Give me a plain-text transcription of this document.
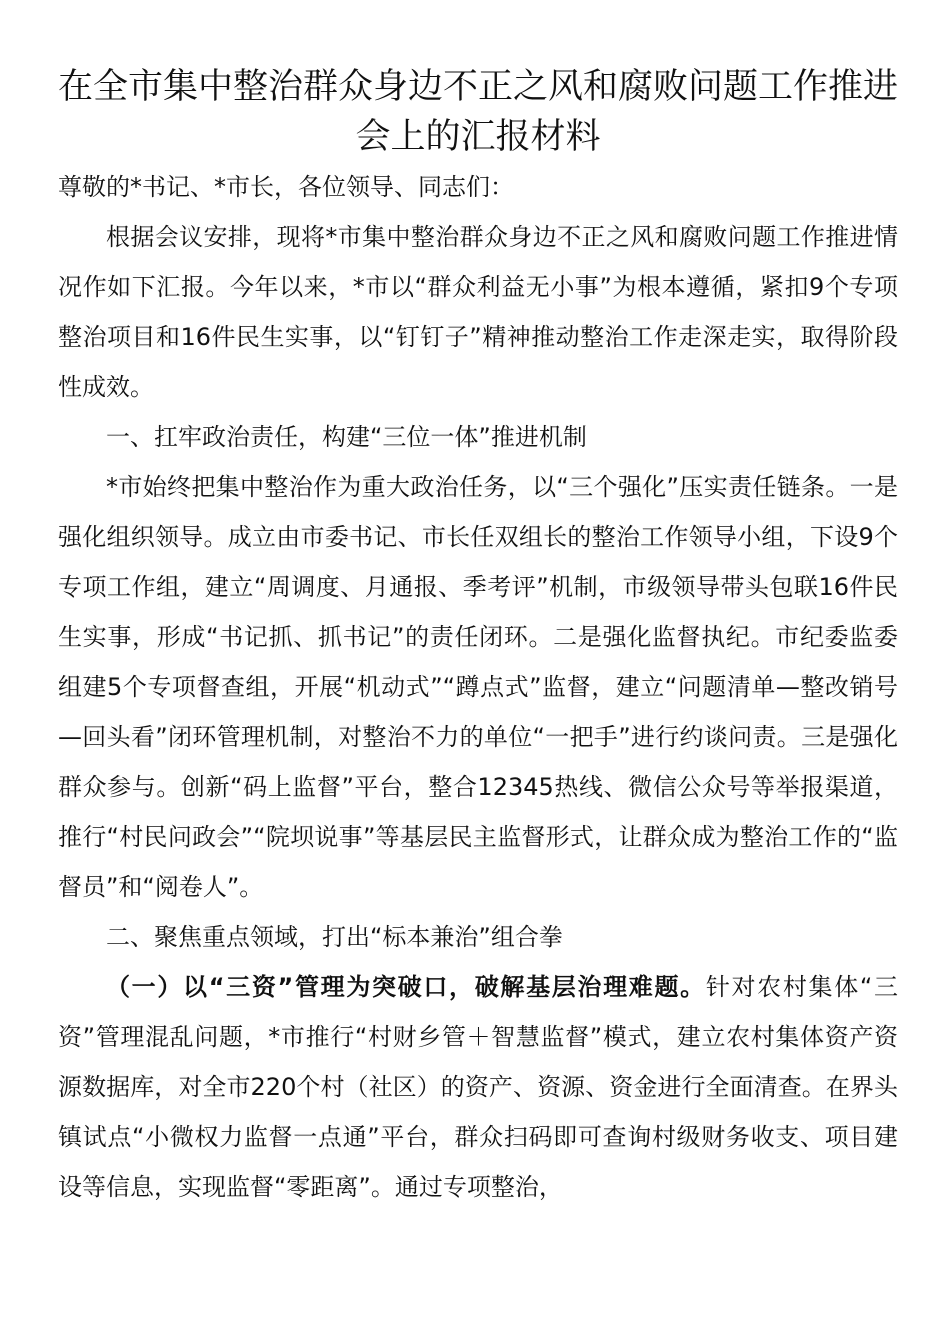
在全市集中整治群众身边不正之风和腐败问题工作推进会上的汇报材料

尊敬的*书记、*市长，各位领导、同志们：

根据会议安排，现将*市集中整治群众身边不正之风和腐败问题工作推进情况作如下汇报。今年以来，*市以“群众利益无小事”为根本遵循，紧扣9个专项整治项目和16件民生实事，以“钉钉子”精神推动整治工作走深走实，取得阶段性成效。

一、扛牢政治责任，构建“三位一体”推进机制

*市始终把集中整治作为重大政治任务，以“三个强化”压实责任链条。一是强化组织领导。成立由市委书记、市长任双组长的整治工作领导小组，下设9个专项工作组，建立“周调度、月通报、季考评”机制，市级领导带头包联16件民生实事，形成“书记抓、抓书记”的责任闭环。二是强化监督执纪。市纪委监委组建5个专项督查组，开展“机动式”“蹲点式”监督，建立“问题清单—整改销号—回头看”闭环管理机制，对整治不力的单位“一把手”进行约谈问责。三是强化群众参与。创新“码上监督”平台，整合12345热线、微信公众号等举报渠道，推行“村民问政会”“院坝说事”等基层民主监督形式，让群众成为整治工作的“监督员”和“阅卷人”。

二、聚焦重点领域，打出“标本兼治”组合拳

（一）以“三资”管理为突破口，破解基层治理难题。针对农村集体“三资”管理混乱问题，*市推行“村财乡管＋智慧监督”模式，建立农村集体资产资源数据库，对全市220个村（社区）的资产、资源、资金进行全面清查。在界头镇试点“小微权力监督一点通”平台，群众扫码即可查询村级财务收支、项目建设等信息，实现监督“零距离”。通过专项整治，
